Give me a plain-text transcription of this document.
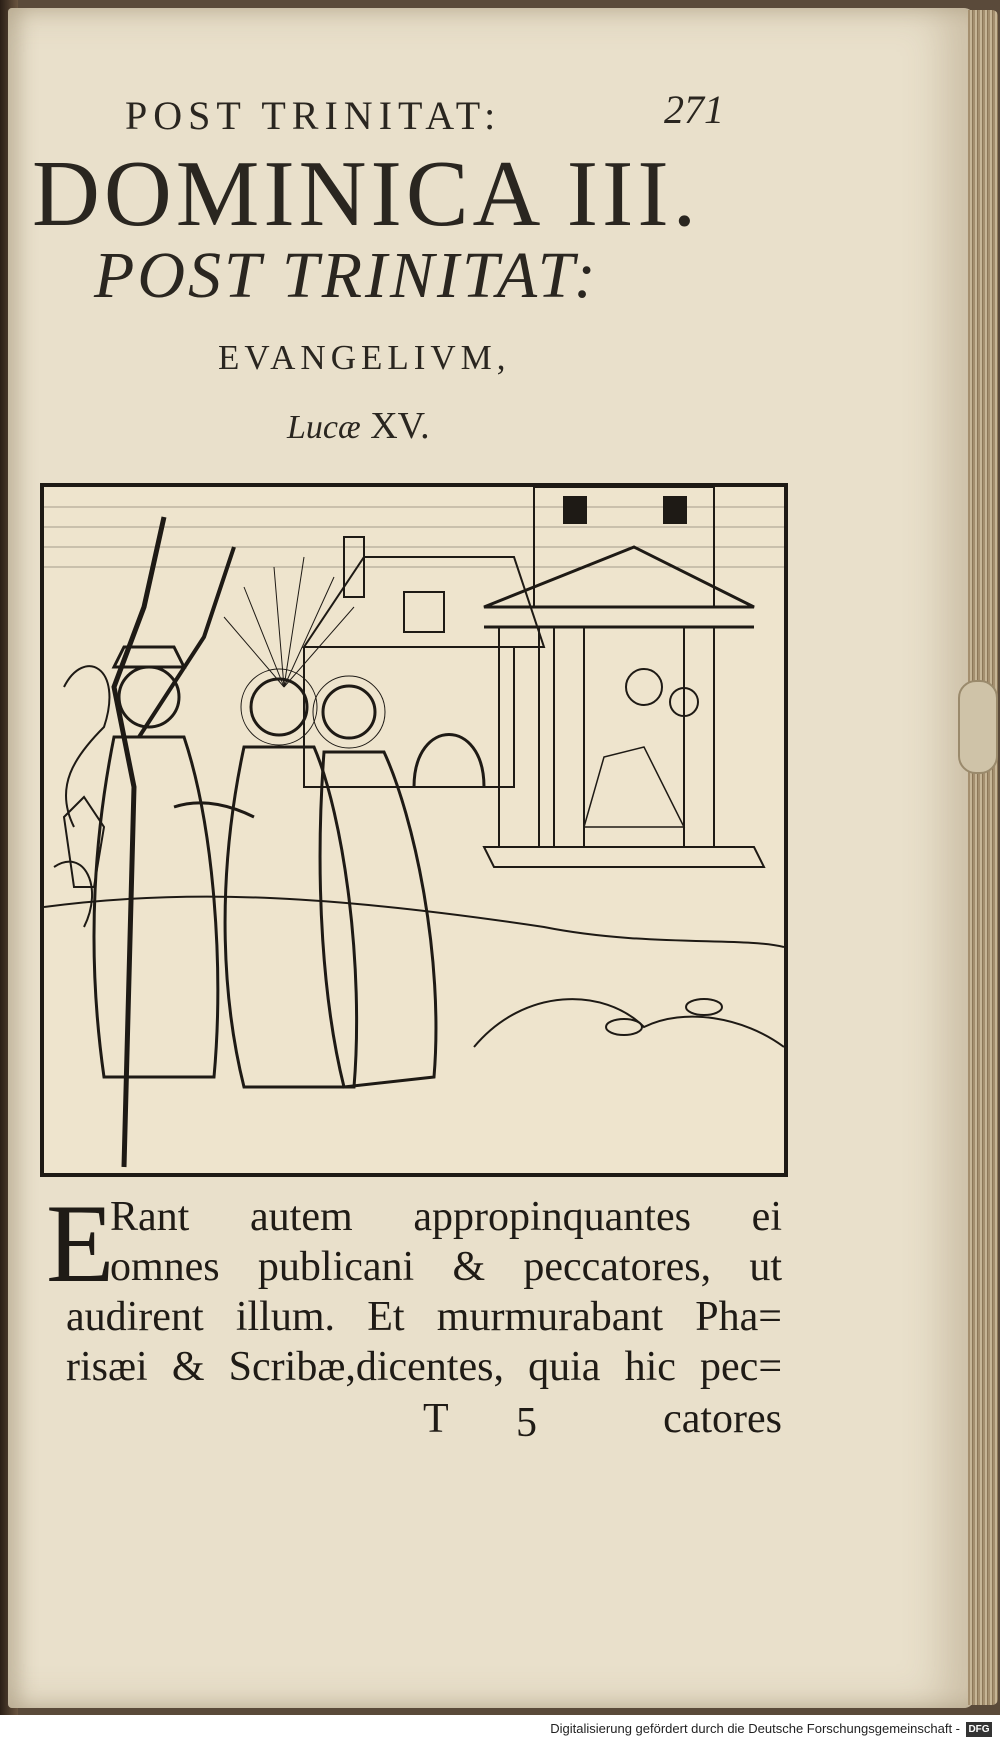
POST TRINITAT:	271
DOMINICA III.
POST TRINITAT:
EVANGELIVM,
Lucæ XV.
E
Rant autem appropinquantes ei
omnes publicani & peccatores, ut
audirent illum. Et murmurabant Pha=
risæi & Scribæ,dicentes, quia hic pec=
T 5	catores
Digitalisierung gefördert durch die Deutsche Forschungsgemeinschaft - DFG
